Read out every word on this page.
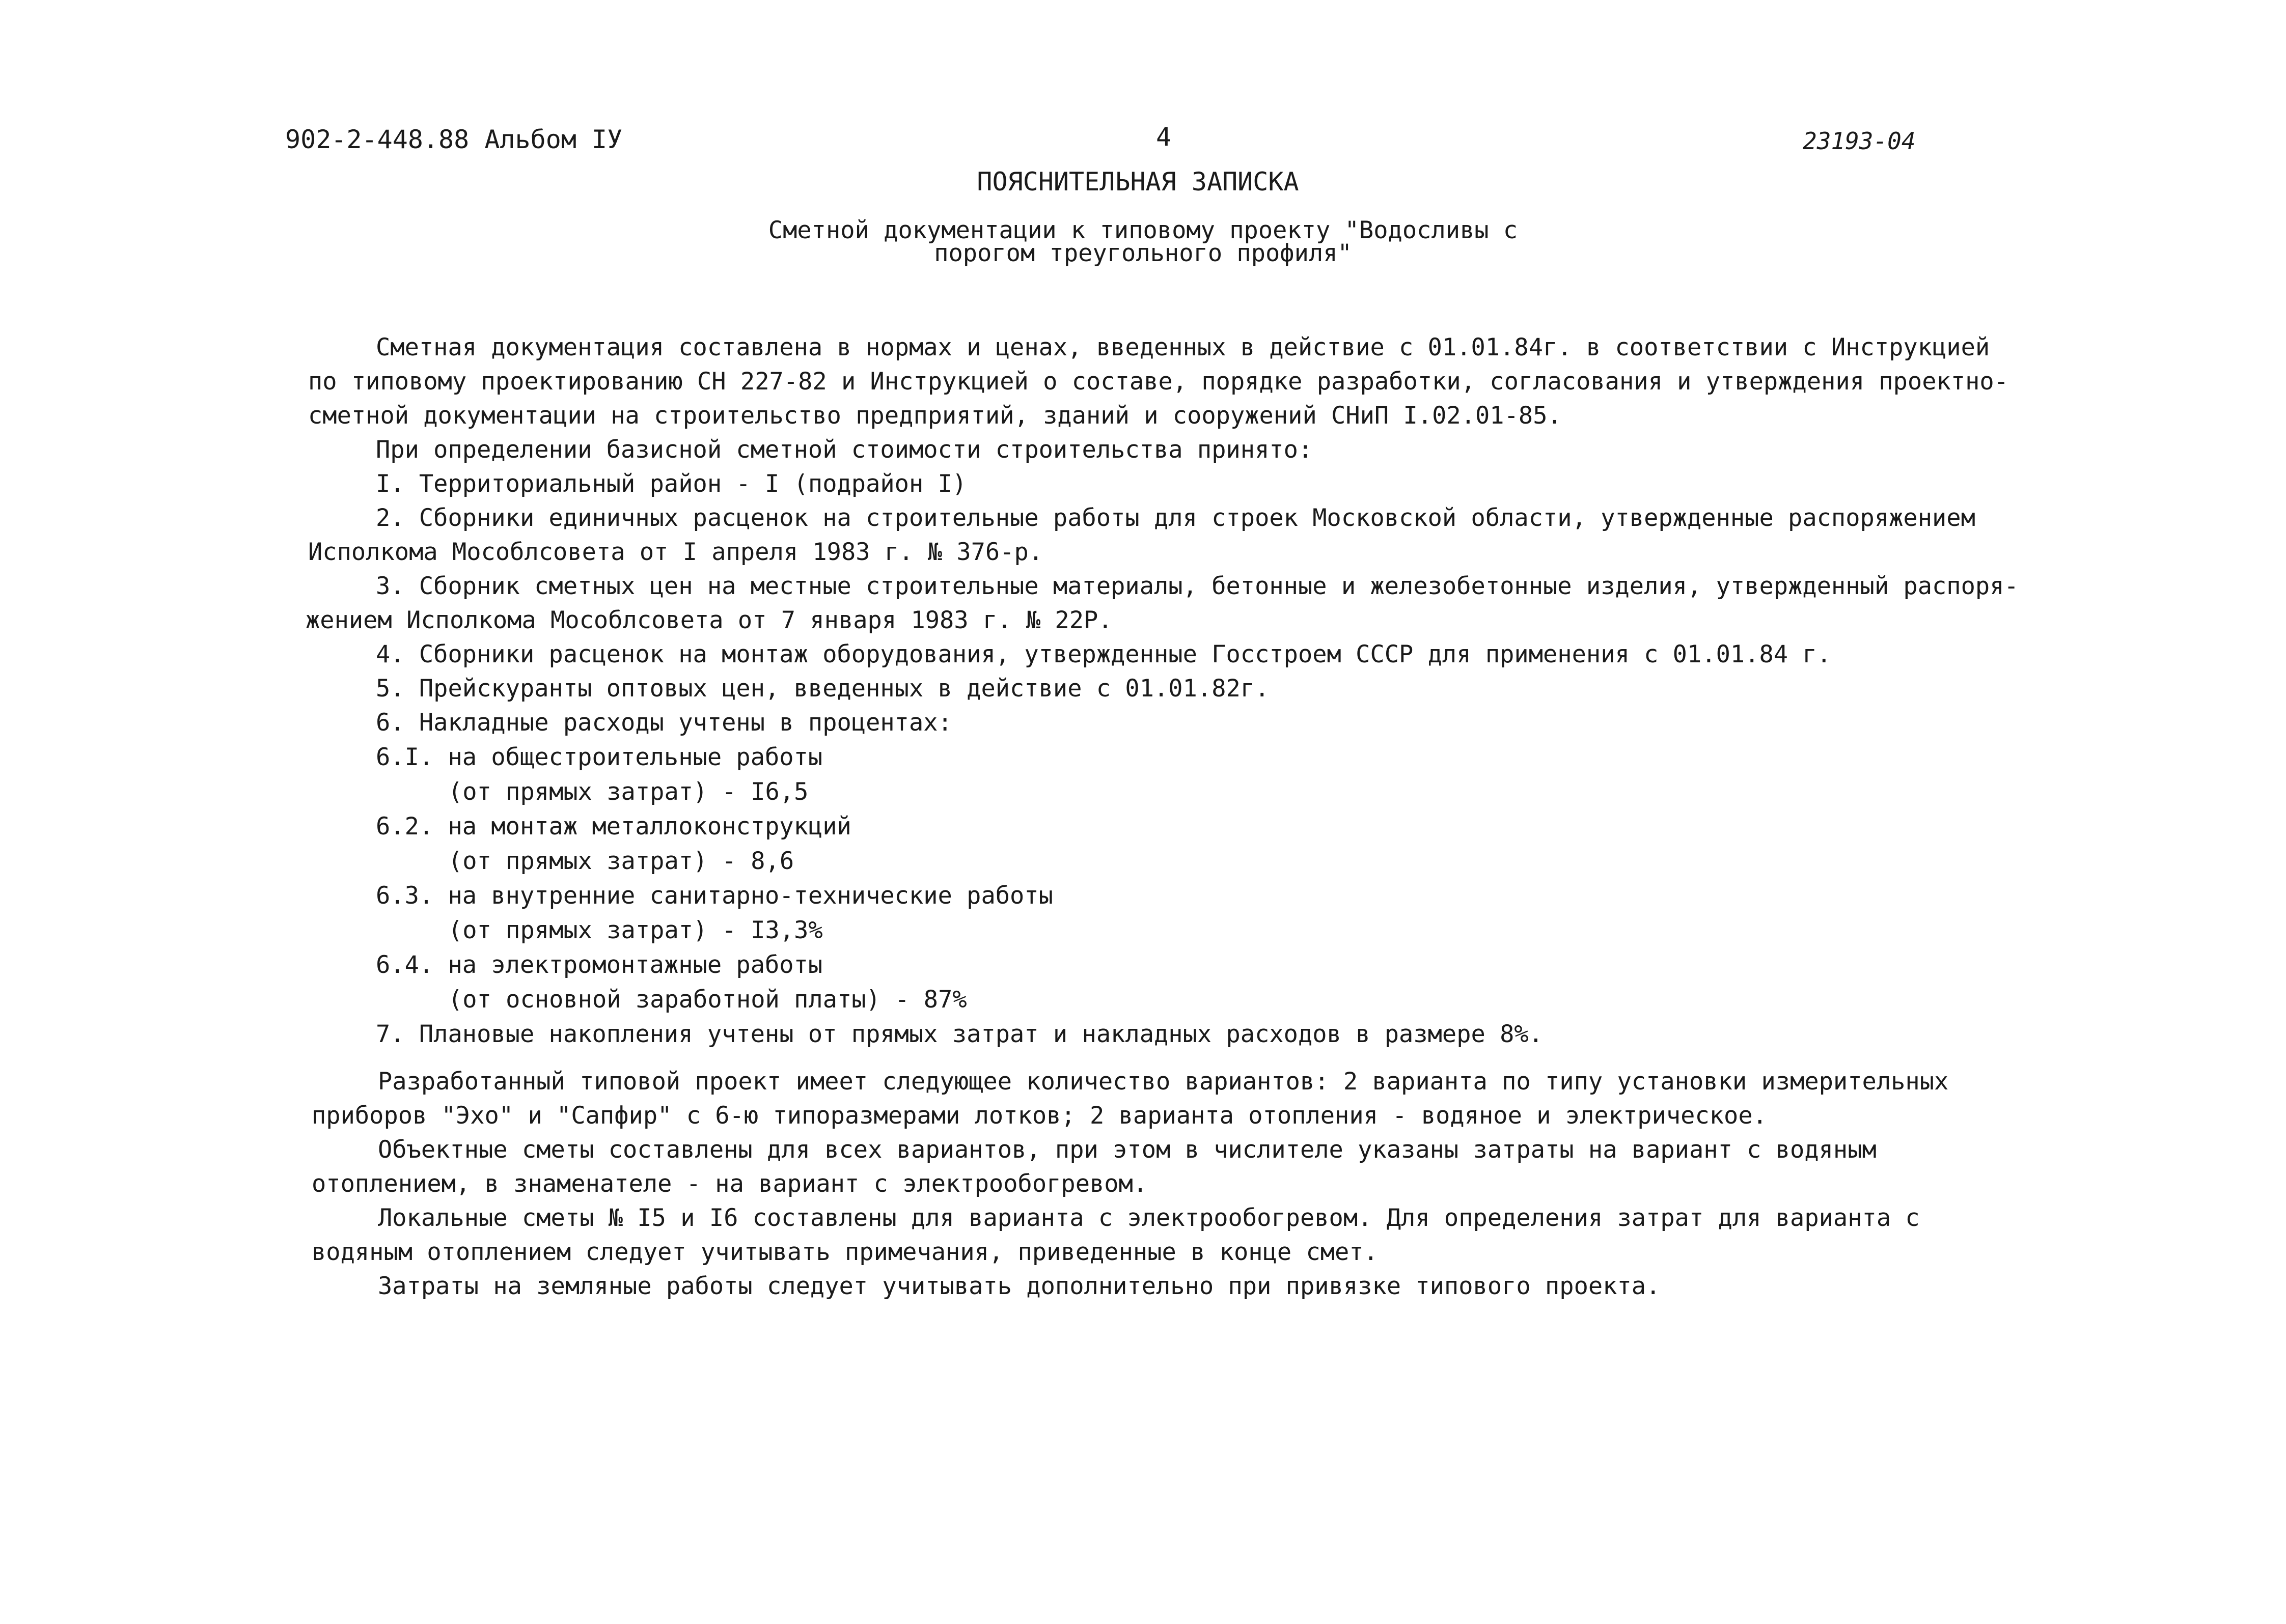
902-2-448.88 Альбом IУ	4	23193-04
ПОЯСНИТЕЛЬНАЯ ЗАПИСКА
Сметной документации к типовому проекту "Водосливы с
порогом треугольного профиля"
Сметная документация составлена в нормах и ценах, введенных в действие с 01.01.84г. в соответствии с Инструкцией
по типовому проектированию СН 227-82 и Инструкцией о составе, порядке разработки, согласования и утверждения проектно-
сметной документации на строительство предприятий, зданий и сооружений СНиП I.02.01-85.
При определении базисной сметной стоимости строительства принято:
I. Территориальный район - I (подрайон I)
2. Сборники единичных расценок на строительные работы для строек Московской области, утвержденные распоряжением
Исполкома Мособлсовета от I апреля 1983 г. № 376-р.
3. Сборник сметных цен на местные строительные материалы, бетонные и железобетонные изделия, утвержденный распоря-
жением Исполкома Мособлсовета от 7 января 1983 г. № 22Р.
4. Сборники расценок на монтаж оборудования, утвержденные Госстроем СССР для применения с 01.01.84 г.
5. Прейскуранты оптовых цен, введенных в действие с 01.01.82г.
6. Накладные расходы учтены в процентах:
6.I. на общестроительные работы
(от прямых затрат) - I6,5
6.2. на монтаж металлоконструкций
(от прямых затрат) - 8,6
6.3. на внутренние санитарно-технические работы
(от прямых затрат) - I3,3%
6.4. на электромонтажные работы
(от основной заработной платы) - 87%
7. Плановые накопления учтены от прямых затрат и накладных расходов в размере 8%.
Разработанный типовой проект имеет следующее количество вариантов: 2 варианта по типу установки измерительных
приборов "Эхо" и "Сапфир" с 6-ю типоразмерами лотков; 2 варианта отопления - водяное и электрическое.
Объектные сметы составлены для всех вариантов, при этом в числителе указаны затраты на вариант с водяным
отоплением, в знаменателе - на вариант с электрообогревом.
Локальные сметы № I5 и I6 составлены для варианта с электрообогревом. Для определения затрат для варианта с
водяным отоплением следует учитывать примечания, приведенные в конце смет.
Затраты на земляные работы следует учитывать дополнительно при привязке типового проекта.
